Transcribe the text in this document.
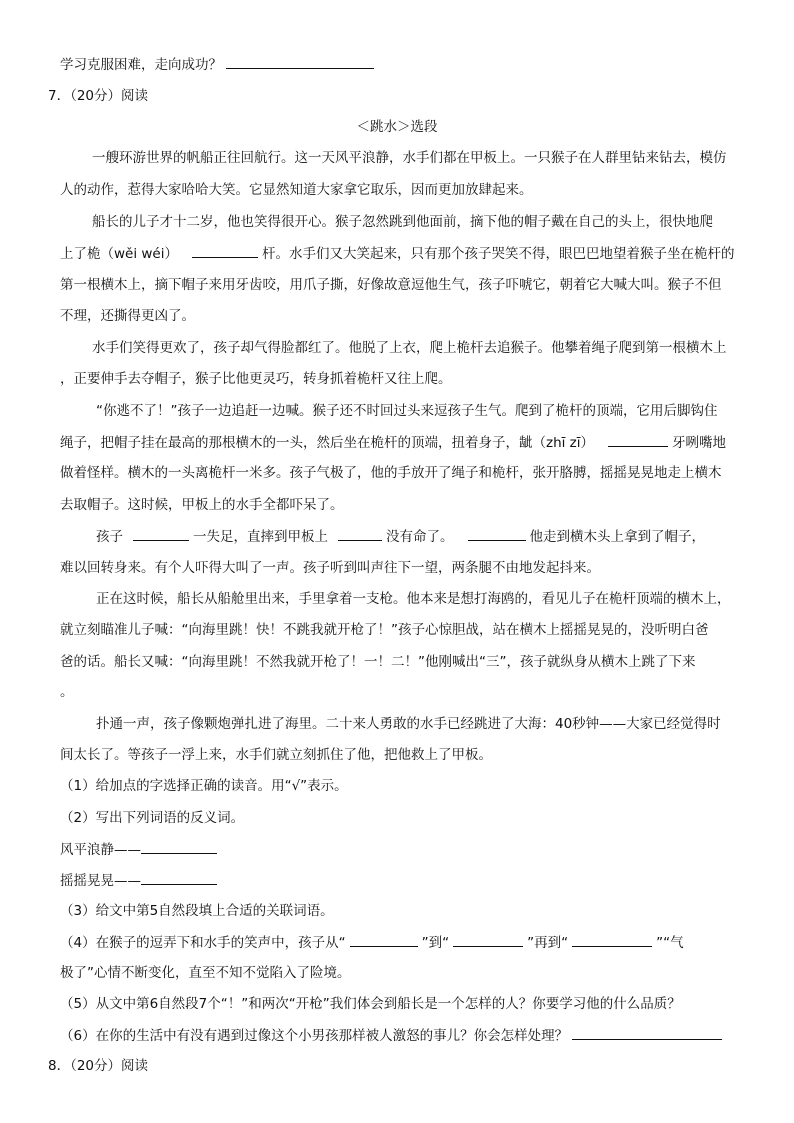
学习克服困难，走向成功？
7．（20分）阅读
＜跳水＞选段
一艘环游世界的帆船正往回航行。这一天风平浪静，水手们都在甲板上。一只猴子在人群里钻来钻去，模仿
人的动作，惹得大家哈哈大笑。它显然知道大家拿它取乐，因而更加放肆起来。
船长的儿子才十二岁，他也笑得很开心。猴子忽然跳到他面前，摘下他的帽子戴在自己的头上，很快地爬
上了桅（wěi wéi）	杆。水手们又大笑起来，只有那个孩子哭笑不得，眼巴巴地望着猴子坐在桅杆的
第一根横木上，摘下帽子来用牙齿咬，用爪子撕，好像故意逗他生气，孩子吓唬它，朝着它大喊大叫。猴子不但
不理，还撕得更凶了。
水手们笑得更欢了，孩子却气得脸都红了。他脱了上衣，爬上桅杆去追猴子。他攀着绳子爬到第一根横木上
，正要伸手去夺帽子，猴子比他更灵巧，转身抓着桅杆又往上爬。
“你逃不了！”孩子一边追赶一边喊。猴子还不时回过头来逗孩子生气。爬到了桅杆的顶端，它用后脚钩住
绳子，把帽子挂在最高的那根横木的一头，然后坐在桅杆的顶端，扭着身子，龇（zhī zī）	牙咧嘴地
做着怪样。横木的一头离桅杆一米多。孩子气极了，他的手放开了绳子和桅杆，张开胳膊，摇摇晃晃地走上横木
去取帽子。这时候，甲板上的水手全都吓呆了。
孩子	一失足，直摔到甲板上	没有命了。	他走到横木头上拿到了帽子，
难以回转身来。有个人吓得大叫了一声。孩子听到叫声往下一望，两条腿不由地发起抖来。
正在这时候，船长从船舱里出来，手里拿着一支枪。他本来是想打海鸥的，看见儿子在桅杆顶端的横木上，
就立刻瞄准儿子喊：“向海里跳！快！不跳我就开枪了！”孩子心惊胆战，站在横木上摇摇晃晃的，没听明白爸
爸的话。船长又喊：“向海里跳！不然我就开枪了！一！二！”他刚喊出“三”，孩子就纵身从横木上跳了下来
。
扑通一声，孩子像颗炮弹扎进了海里。二十来人勇敢的水手已经跳进了大海：40秒钟——大家已经觉得时
间太长了。等孩子一浮上来，水手们就立刻抓住了他，把他救上了甲板。
（1）给加点的字选择正确的读音。用“√”表示。
（2）写出下列词语的反义词。
风平浪静——
摇摇晃晃——
（3）给文中第5自然段填上合适的关联词语。
（4）在猴子的逗弄下和水手的笑声中，孩子从“	”到“	”再到“	”“气
极了”心情不断变化，直至不知不觉陷入了险境。
（5）从文中第6自然段7个“！”和两次“开枪”我们体会到船长是一个怎样的人？你要学习他的什么品质？
（6）在你的生活中有没有遇到过像这个小男孩那样被人激怒的事儿？你会怎样处理？
8．（20分）阅读
